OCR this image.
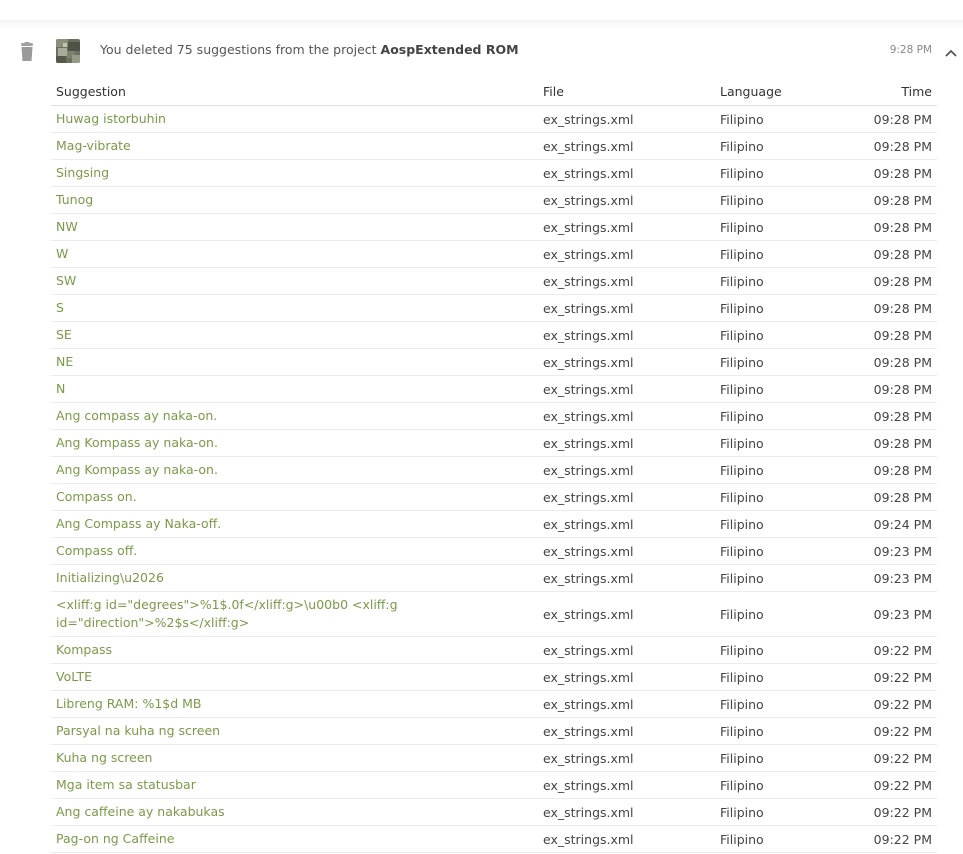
You deleted 75 suggestions from the project AospExtended ROM	9:28 PM
Suggestion	File	Language	Time
Huwag istorbuhin	ex_strings.xml	Filipino	09:28 PM
Mag-vibrate	ex_strings.xml	Filipino	09:28 PM
Singsing	ex_strings.xml	Filipino	09:28 PM
Tunog	ex_strings.xml	Filipino	09:28 PM
NW	ex_strings.xml	Filipino	09:28 PM
W	ex_strings.xml	Filipino	09:28 PM
SW	ex_strings.xml	Filipino	09:28 PM
S	ex_strings.xml	Filipino	09:28 PM
SE	ex_strings.xml	Filipino	09:28 PM
NE	ex_strings.xml	Filipino	09:28 PM
N	ex_strings.xml	Filipino	09:28 PM
Ang compass ay naka-on.	ex_strings.xml	Filipino	09:28 PM
Ang Kompass ay naka-on.	ex_strings.xml	Filipino	09:28 PM
Ang Kompass ay naka-on.	ex_strings.xml	Filipino	09:28 PM
Compass on.	ex_strings.xml	Filipino	09:28 PM
Ang Compass ay Naka-off.	ex_strings.xml	Filipino	09:24 PM
Compass off.	ex_strings.xml	Filipino	09:23 PM
Initializing\u2026	ex_strings.xml	Filipino	09:23 PM
<xliff:g id="degrees">%1$.0f</xliff:g>\u00b0 <xliff:g id="direction">%2$s</xliff:g>	ex_strings.xml	Filipino	09:23 PM
Kompass	ex_strings.xml	Filipino	09:22 PM
VoLTE	ex_strings.xml	Filipino	09:22 PM
Libreng RAM: %1$d MB	ex_strings.xml	Filipino	09:22 PM
Parsyal na kuha ng screen	ex_strings.xml	Filipino	09:22 PM
Kuha ng screen	ex_strings.xml	Filipino	09:22 PM
Mga item sa statusbar	ex_strings.xml	Filipino	09:22 PM
Ang caffeine ay nakabukas	ex_strings.xml	Filipino	09:22 PM
Pag-on ng Caffeine	ex_strings.xml	Filipino	09:22 PM
